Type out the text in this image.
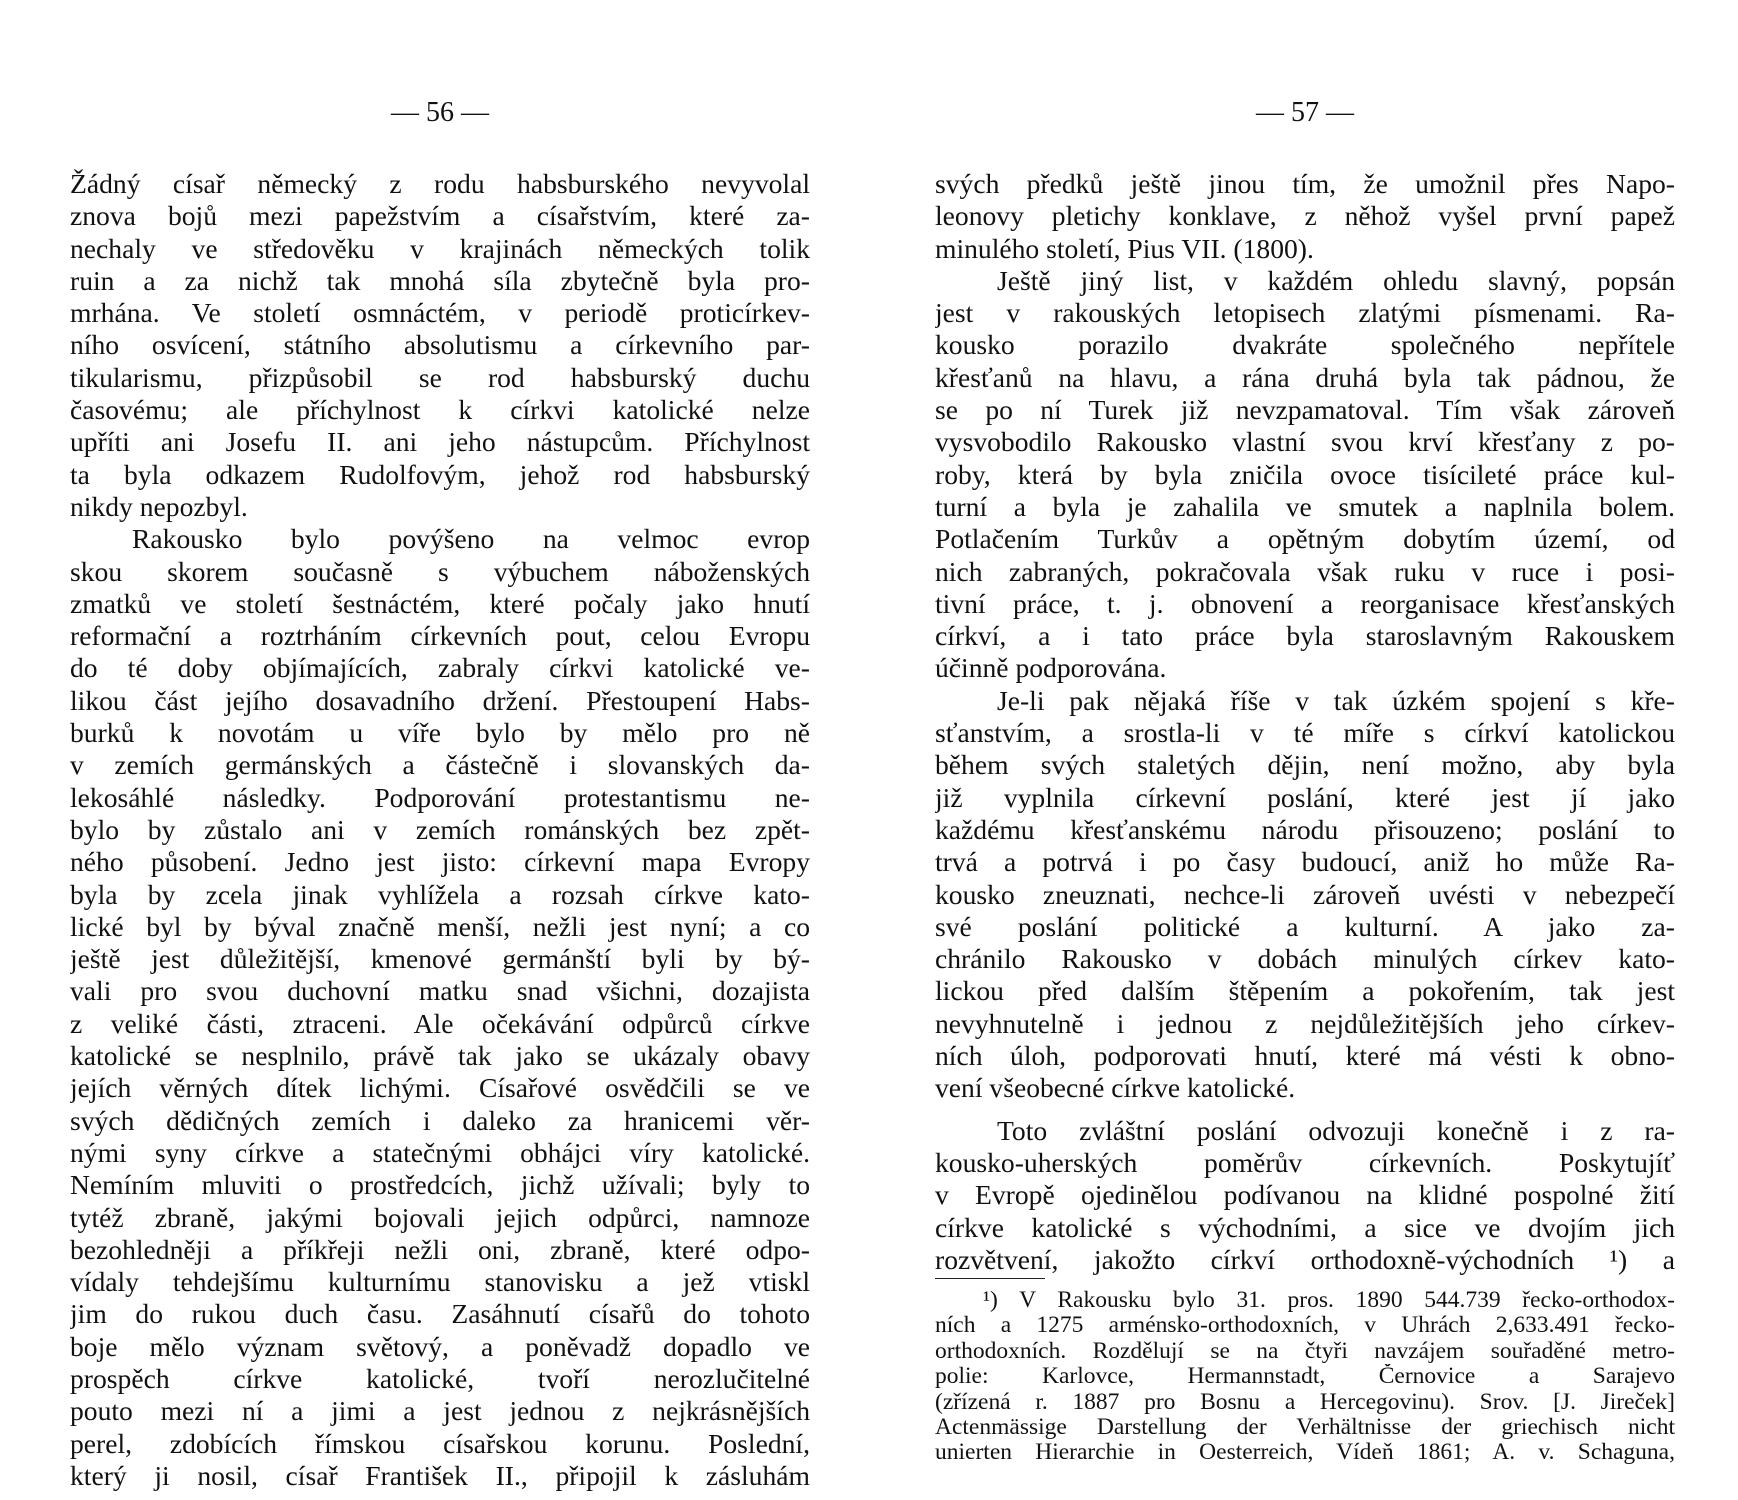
— 56 —
Žádný císař německý z rodu habsburského nevyvolal
znova bojů mezi papežstvím a císařstvím, které za-
nechaly ve středověku v krajinách německých tolik
ruin a za nichž tak mnohá síla zbytečně byla pro-
mrhána. Ve století osmnáctém, v periodě proticírkev-
ního osvícení, státního absolutismu a církevního par-
tikularismu, přizpůsobil se rod habsburský duchu
časovému; ale příchylnost k církvi katolické nelze
upříti ani Josefu II. ani jeho nástupcům. Příchylnost
ta byla odkazem Rudolfovým, jehož rod habsburský
nikdy nepozbyl.
Rakousko bylo povýšeno na velmoc evrop
skou skorem současně s výbuchem náboženských
zmatků ve století šestnáctém, které počaly jako hnutí
reformační a roztrháním církevních pout, celou Evropu
do té doby objímajících, zabraly církvi katolické ve-
likou část jejího dosavadního držení. Přestoupení Habs-
burků k novotám u víře bylo by mělo pro ně
v zemích germánských a částečně i slovanských da-
lekosáhlé následky. Podporování protestantismu ne-
bylo by zůstalo ani v zemích románských bez zpět-
ného působení. Jedno jest jisto: církevní mapa Evropy
byla by zcela jinak vyhlížela a rozsah církve kato-
lické byl by býval značně menší, nežli jest nyní; a co
ještě jest důležitější, kmenové germánští byli by bý-
vali pro svou duchovní matku snad všichni, dozajista
z veliké části, ztraceni. Ale očekávání odpůrců církve
katolické se nesplnilo, právě tak jako se ukázaly obavy
jejích věrných dítek lichými. Císařové osvědčili se ve
svých dědičných zemích i daleko za hranicemi věr-
nými syny církve a statečnými obhájci víry katolické.
Nemíním mluviti o prostředcích, jichž užívali; byly to
tytéž zbraně, jakými bojovali jejich odpůrci, namnoze
bezohledněji a příkřeji nežli oni, zbraně, které odpo-
vídaly tehdejšímu kulturnímu stanovisku a jež vtiskl
jim do rukou duch času. Zasáhnutí císařů do tohoto
boje mělo význam světový, a poněvadž dopadlo ve
prospěch církve katolické, tvoří nerozlučitelné
pouto mezi ní a jimi a jest jednou z nejkrásnějších
perel, zdobících římskou císařskou korunu. Poslední,
který ji nosil, císař František II., připojil k zásluhám
— 57 —
svých předků ještě jinou tím, že umožnil přes Napo-
leonovy pletichy konklave, z něhož vyšel první papež
minulého století, Pius VII. (1800).
Ještě jiný list, v každém ohledu slavný, popsán
jest v rakouských letopisech zlatými písmenami. Ra-
kousko porazilo dvakráte společného nepřítele
křesťanů na hlavu, a rána druhá byla tak pádnou, že
se po ní Turek již nevzpamatoval. Tím však zároveň
vysvobodilo Rakousko vlastní svou krví křesťany z po-
roby, která by byla zničila ovoce tisícileté práce kul-
turní a byla je zahalila ve smutek a naplnila bolem.
Potlačením Turkův a opětným dobytím území, od
nich zabraných, pokračovala však ruku v ruce i posi-
tivní práce, t. j. obnovení a reorganisace křesťanských
církví, a i tato práce byla staroslavným Rakouskem
účinně podporována.
Je-li pak nějaká říše v tak úzkém spojení s kře-
sťanstvím, a srostla-li v té míře s církví katolickou
během svých staletých dějin, není možno, aby byla
již vyplnila církevní poslání, které jest jí jako
každému křesťanskému národu přisouzeno; poslání to
trvá a potrvá i po časy budoucí, aniž ho může Ra-
kousko zneuznati, nechce-li zároveň uvésti v nebezpečí
své poslání politické a kulturní. A jako za-
chránilo Rakousko v dobách minulých církev kato-
lickou před dalším štěpením a pokořením, tak jest
nevyhnutelně i jednou z nejdůležitějších jeho církev-
ních úloh, podporovati hnutí, které má vésti k obno-
vení všeobecné církve katolické.
Toto zvláštní poslání odvozuji konečně i z ra-
kousko-uherských poměrův církevních. Poskytujíť
v Evropě ojedinělou podívanou na klidné pospolné žití
církve katolické s východními, a sice ve dvojím jich
rozvětvení, jakožto církví orthodoxně-východních ¹) a
¹) V Rakousku bylo 31. pros. 1890 544.739 řecko-orthodox-
ních a 1275 arménsko-orthodoxních, v Uhrách 2,633.491 řecko-
orthodoxních. Rozdělují se na čtyři navzájem souřaděné metro-
polie: Karlovce, Hermannstadt, Černovice a Sarajevo
(zřízená r. 1887 pro Bosnu a Hercegovinu). Srov. [J. Jireček]
Actenmässige Darstellung der Verhältnisse der griechisch nicht
unierten Hierarchie in Oesterreich, Vídeň 1861; A. v. Schaguna,
